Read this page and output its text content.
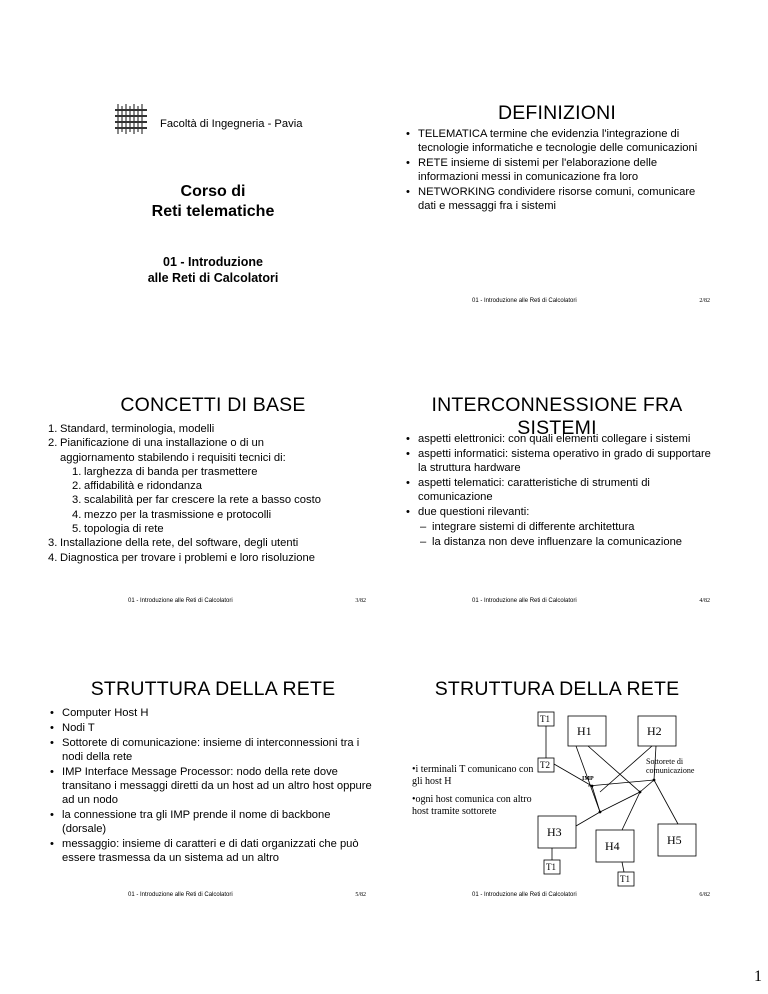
Facoltà di Ingegneria - Pavia
Corso di
Reti telematiche
01 - Introduzione
alle Reti di Calcolatori
DEFINIZIONI
• TELEMATICA termine che evidenzia l'integrazione di tecnologie informatiche e tecnologie delle comunicazioni
• RETE insieme di sistemi per l'elaborazione delle informazioni messi in comunicazione fra loro
• NETWORKING condividere risorse comuni, comunicare dati e messaggi fra i sistemi
01 - Introduzione alle Reti di Calcolatori	2/82
CONCETTI DI BASE
1. Standard, terminologia, modelli
2. Pianificazione di una installazione o di un
aggiornamento stabilendo i requisiti tecnici di:
1. larghezza di banda per trasmettere
2. affidabilità e ridondanza
3. scalabilità per far crescere la rete a basso costo
4. mezzo per la trasmissione e protocolli
5. topologia di rete
3. Installazione della rete, del software, degli utenti
4. Diagnostica per trovare i problemi e loro risoluzione
01 - Introduzione alle Reti di Calcolatori	3/82
INTERCONNESSIONE FRA SISTEMI
• aspetti elettronici: con quali elementi collegare i sistemi
• aspetti informatici: sistema operativo in grado di supportare la struttura hardware
• aspetti telematici: caratteristiche di strumenti di comunicazione
• due questioni rilevanti:
– integrare sistemi di differente architettura
– la distanza non deve influenzare la comunicazione
01 - Introduzione alle Reti di Calcolatori	4/82
STRUTTURA DELLA RETE
• Computer Host H
• Nodi T
• Sottorete di comunicazione: insieme di interconnessioni tra i nodi della rete
• IMP Interface Message Processor: nodo della rete dove transitano i messaggi diretti da un host ad un altro host oppure ad un nodo
• la connessione tra gli IMP prende il nome di backbone (dorsale)
• messaggio: insieme di caratteri e di dati organizzati che può essere trasmessa da un sistema ad un altro
01 - Introduzione alle Reti di Calcolatori	5/82
STRUTTURA DELLA RETE
•i terminali T comunicano con gli host H
•ogni host comunica con altro host tramite sottorete
T1
H1	H2
T2
H3
H4	H5
T1
T1
IMP
Sottorete di
comunicazione
01 - Introduzione alle Reti di Calcolatori	6/82
1
